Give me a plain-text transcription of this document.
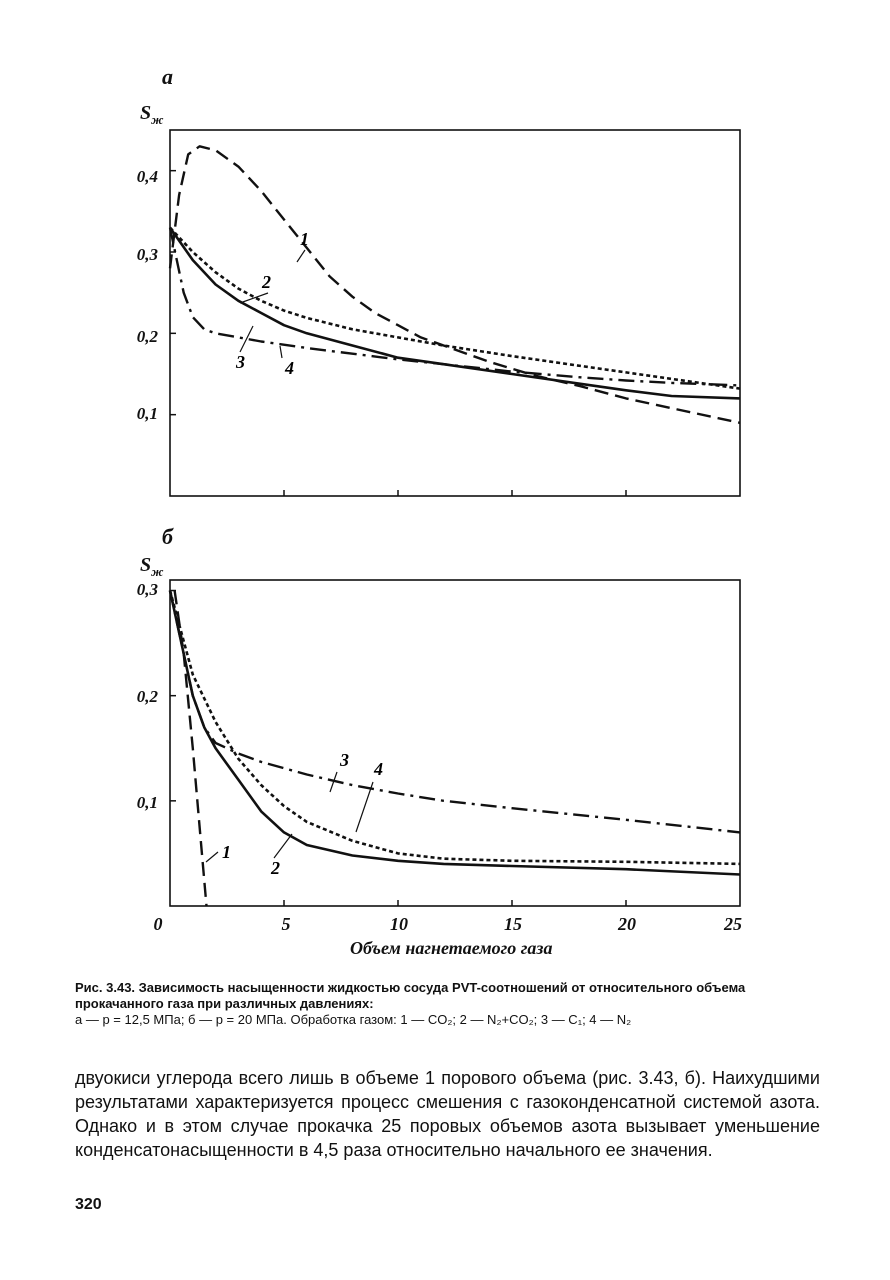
а
б
$S_ж$
$S_ж$
0,4
0,3
0,2
0,1
0,3
0,2
0,1
0	5	10	15	20	25
Объем нагнетаемого газа
1
2
3 4
1
2
3 4
Рис. 3.43. Зависимость насыщенности жидкостью сосуда PVT-соотношений от относительного объема прокачанного газа при различных давлениях:
а — p = 12,5 МПа; б — p = 20 МПа. Обработка газом: 1 — CO₂; 2 — N₂+CO₂; 3 — C₁; 4 — N₂
двуокиси углерода всего лишь в объеме 1 порового объема (рис. 3.43, б). Наихудшими результатами характеризуется процесс смешения с газоконденсатной системой азота. Однако и в этом случае прокачка 25 поровых объемов азота вызывает уменьшение конденсатонасыщенности в 4,5 раза относительно начального ее значения.
320
